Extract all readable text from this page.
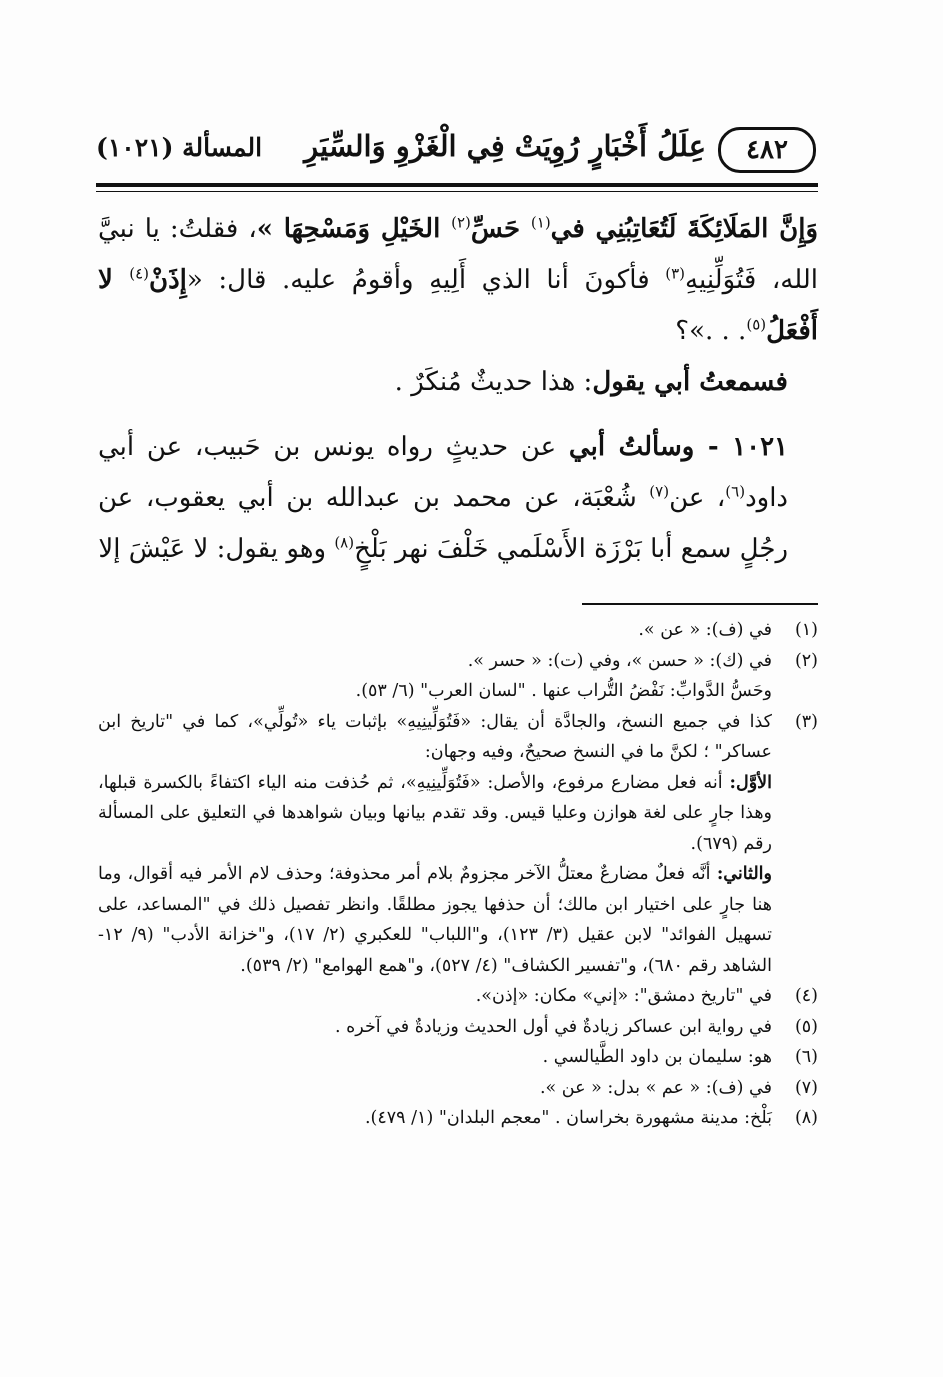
٤٨٢
عِلَلُ أَخْبَارٍ رُوِيَتْ فِي الْغَزْوِ وَالسِّيَرِ
المسألة (١٠٢١)

وَإِنَّ المَلَائِكَةَ لَتُعَاتِبُنِي في$^{(١)}$ حَسِّ$^{(٢)}$ الخَيْلِ وَمَسْحِهَا »، فقلتُ: يا نبيَّ الله، فَتُوَلِّنِيهِ$^{(٣)}$ فأكونَ أنا الذي أَلِيهِ وأقومُ عليه. قال: «إِذَنْ$^{(٤)}$ لا أَفْعَلُ$^{(٥)}$. . .»؟

فسمعتُ أبي يقول: هذا حديثٌ مُنكَرٌ .

١٠٢١ - وسألتُ أبي عن حديثٍ رواه يونس بن حَبيب، عن أبي داود$^{(٦)}$، عن$^{(٧)}$ شُعْبَة، عن محمد بن عبدالله بن أبي يعقوب، عن رجُلٍ سمع أبا بَرْزَة الأَسْلَمي خَلْفَ نهر بَلْخٍ$^{(٨)}$ وهو يقول: لا عَيْشَ إلا

(١)

في (ف): « عن ».

(٢)

في (ك): « حسن »، وفي (ت): « حسر ».

وحَسُّ الدَّوابِّ: نَفْضُ التُّراب عنها . "لسان العرب" (٦/ ٥٣).

(٣)

كذا في جميع النسخ، والجادَّة أن يقال: «فَتُوَلِّينِيهِ» بإثبات ياء «تُولِّي»، كما في "تاريخ ابن عساكر" ؛ لكنَّ ما في النسخ صحيحٌ، وفيه وجهان:

الأوَّل: أنه فعل مضارع مرفوع، والأصل: «فَتُوَلِّينِيهِ»، ثم حُذفت منه الياء اكتفاءً بالكسرة قبلها، وهذا جارٍ على لغة هوازن وعليا قيس. وقد تقدم بيانها وبيان شواهدها في التعليق على المسألة رقم (٦٧٩).

والثاني: أنَّه فعلٌ مضارعٌ معتلُّ الآخر مجزومٌ بلام أمر محذوفة؛ وحذف لام الأمر فيه أقوال، وما هنا جارٍ على اختيار ابن مالك؛ أن حذفها يجوز مطلقًا. وانظر تفصيل ذلك في "المساعد، على تسهيل الفوائد" لابن عقيل (٣/ ١٢٣)، و"اللباب" للعكبري (٢/ ١٧)، و"خزانة الأدب" (٩/ ١٢- الشاهد رقم ٦٨٠)، و"تفسير الكشاف" (٤/ ٥٢٧)، و"همع الهوامع" (٢/ ٥٣٩).

(٤)

في "تاريخ دمشق": «إني» مكان: «إذن».

(٥)

في رواية ابن عساكر زيادةٌ في أول الحديث وزيادةٌ في آخره .

(٦)

هو: سليمان بن داود الطَّيالسي .

(٧)

في (ف): « عم » بدل: « عن ».

(٨)

بَلْخ: مدينة مشهورة بخراسان . "معجم البلدان" (١/ ٤٧٩).
